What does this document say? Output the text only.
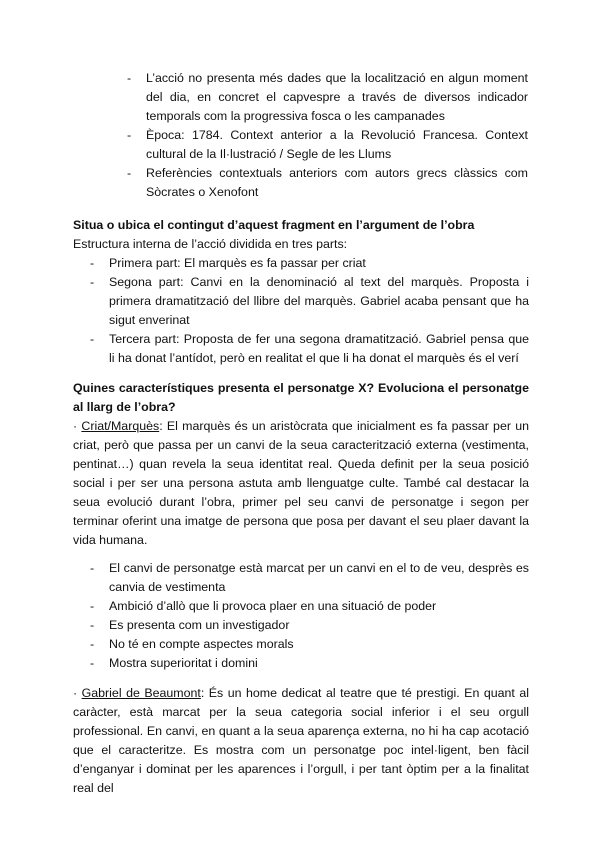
- L’acció no presenta més dades que la localització en algun moment del dia, en concret el capvespre a través de diversos indicador temporals com la progressiva fosca o les campanades
- Època: 1784. Context anterior a la Revolució Francesa. Context cultural de la Il·lustració / Segle de les Llums
- Referències contextuals anteriors com autors grecs clàssics com Sòcrates o Xenofont
Situa o ubica el contingut d’aquest fragment en l’argument de l’obra

Estructura interna de l’acció dividida en tres parts:

- Primera part: El marquès es fa passar per criat
- Segona part: Canvi en la denominació al text del marquès. Proposta i primera dramatització del llibre del marquès. Gabriel acaba pensant que ha sigut enverinat
- Tercera part: Proposta de fer una segona dramatització. Gabriel pensa que li ha donat l’antídot, però en realitat el que li ha donat el marquès és el verí
Quines característiques presenta el personatge X? Evoluciona el personatge al llarg de l’obra?

· Criat/Marquès: El marquès és un aristòcrata que inicialment es fa passar per un criat, però que passa per un canvi de la seua caracterització externa (vestimenta, pentinat…) quan revela la seua identitat real. Queda definit per la seua posició social i per ser una persona astuta amb llenguatge culte. També cal destacar la seua evolució durant l’obra, primer pel seu canvi de personatge i segon per terminar oferint una imatge de persona que posa per davant el seu plaer davant la vida humana.

- El canvi de personatge està marcat per un canvi en el to de veu, desprès es canvia de vestimenta
- Ambició d’allò que li provoca plaer en una situació de poder
- Es presenta com un investigador
- No té en compte aspectes morals
- Mostra superioritat i domini

· Gabriel de Beaumont: És un home dedicat al teatre que té prestigi. En quant al caràcter, està marcat per la seua categoria social inferior i el seu orgull professional. En canvi, en quant a la seua aparença externa, no hi ha cap acotació que el caracteritze. Es mostra com un personatge poc intel·ligent, ben fàcil d’enganyar i dominat per les aparences i l’orgull, i per tant òptim per a la finalitat real del
